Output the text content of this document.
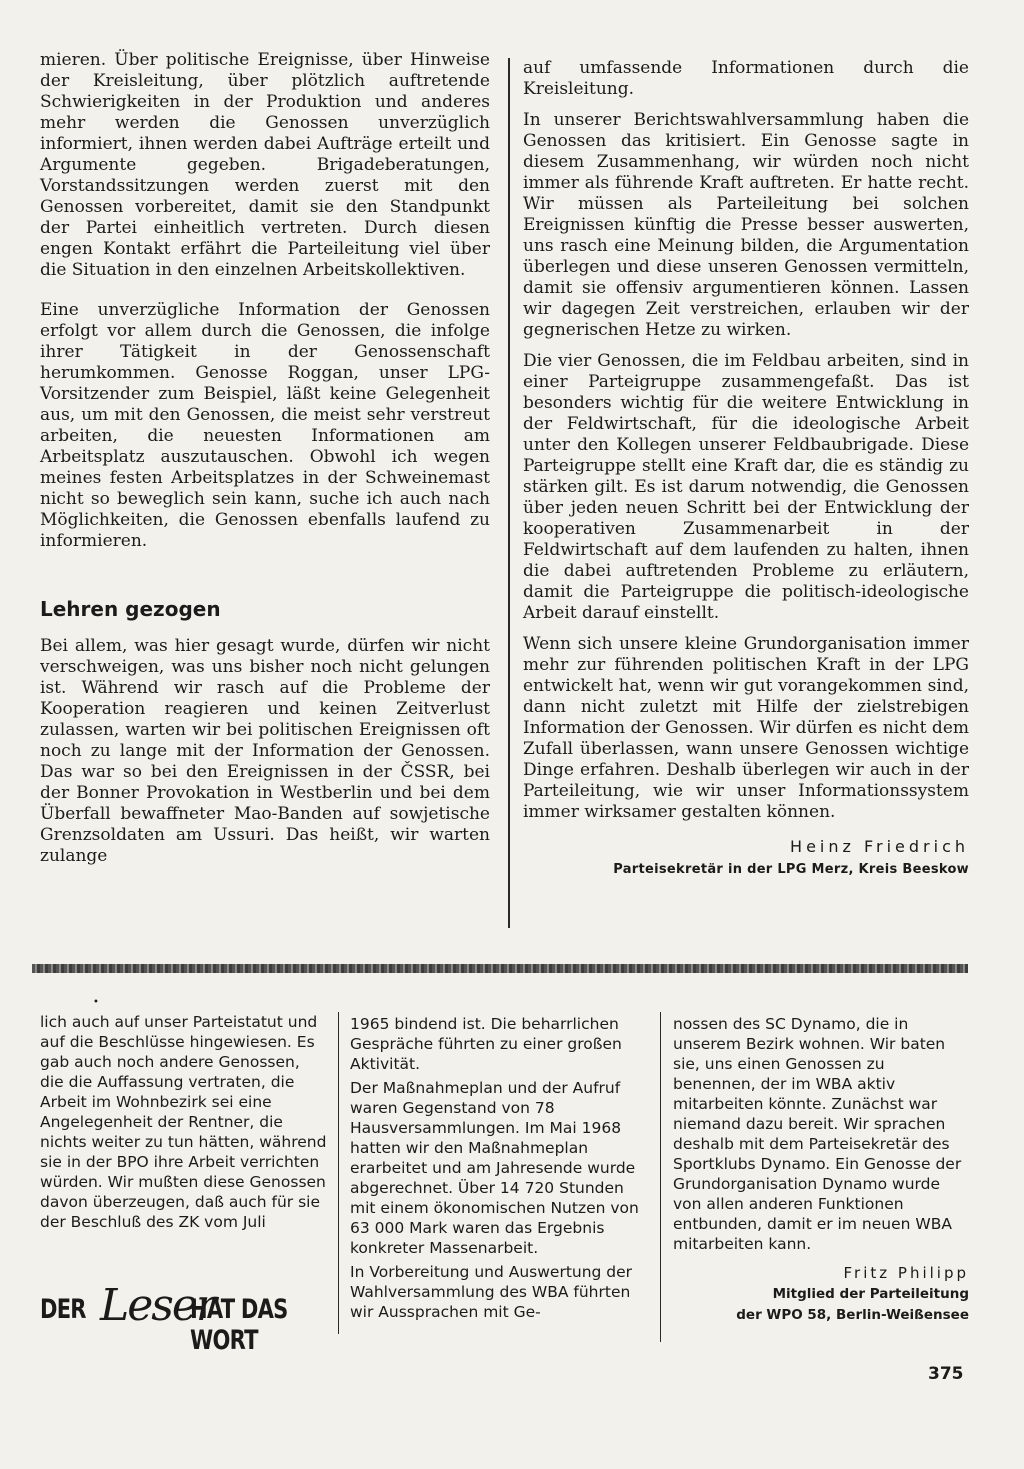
mieren. Über politische Ereignisse, über Hinweise der Kreisleitung, über plötzlich auftretende Schwierigkeiten in der Produktion und anderes mehr werden die Genossen unverzüglich informiert, ihnen werden dabei Aufträge erteilt und Argumente gegeben. Brigadeberatungen, Vorstandssitzungen werden zuerst mit den Genossen vorbereitet, damit sie den Standpunkt der Partei einheitlich vertreten. Durch diesen engen Kontakt erfährt die Parteileitung viel über die Situation in den einzelnen Arbeitskollektiven.

Eine unverzügliche Information der Genossen erfolgt vor allem durch die Genossen, die infolge ihrer Tätigkeit in der Genossenschaft herumkommen. Genosse Roggan, unser LPG-Vorsitzender zum Beispiel, läßt keine Gelegenheit aus, um mit den Genossen, die meist sehr verstreut arbeiten, die neuesten Informationen am Arbeitsplatz auszutauschen. Obwohl ich wegen meines festen Arbeitsplatzes in der Schweinemast nicht so beweglich sein kann, suche ich auch nach Möglichkeiten, die Genossen ebenfalls laufend zu informieren.

Lehren gezogen

Bei allem, was hier gesagt wurde, dürfen wir nicht verschweigen, was uns bisher noch nicht gelungen ist. Während wir rasch auf die Probleme der Kooperation reagieren und keinen Zeitverlust zulassen, warten wir bei politischen Ereignissen oft noch zu lange mit der Information der Genossen. Das war so bei den Ereignissen in der ČSSR, bei der Bonner Provokation in Westberlin und bei dem Überfall bewaffneter Mao-Banden auf sowjetische Grenzsoldaten am Ussuri. Das heißt, wir warten zulange

auf umfassende Informationen durch die Kreisleitung.

In unserer Berichtswahlversammlung haben die Genossen das kritisiert. Ein Genosse sagte in diesem Zusammenhang, wir würden noch nicht immer als führende Kraft auftreten. Er hatte recht. Wir müssen als Parteileitung bei solchen Ereignissen künftig die Presse besser auswerten, uns rasch eine Meinung bilden, die Argumentation überlegen und diese unseren Genossen vermitteln, damit sie offensiv argumentieren können. Lassen wir dagegen Zeit verstreichen, erlauben wir der gegnerischen Hetze zu wirken.

Die vier Genossen, die im Feldbau arbeiten, sind in einer Parteigruppe zusammengefaßt. Das ist besonders wichtig für die weitere Entwicklung in der Feldwirtschaft, für die ideologische Arbeit unter den Kollegen unserer Feldbaubrigade. Diese Parteigruppe stellt eine Kraft dar, die es ständig zu stärken gilt. Es ist darum notwendig, die Genossen über jeden neuen Schritt bei der Entwicklung der kooperativen Zusammenarbeit in der Feldwirtschaft auf dem laufenden zu halten, ihnen die dabei auftretenden Probleme zu erläutern, damit die Parteigruppe die politisch-ideologische Arbeit darauf einstellt.

Wenn sich unsere kleine Grundorganisation immer mehr zur führenden politischen Kraft in der LPG entwickelt hat, wenn wir gut vorangekommen sind, dann nicht zuletzt mit Hilfe der zielstrebigen Information der Genossen. Wir dürfen es nicht dem Zufall überlassen, wann unsere Genossen wichtige Dinge erfahren. Deshalb überlegen wir auch in der Parteileitung, wie wir unser Informationssystem immer wirksamer gestalten können.

Heinz Friedrich
Parteisekretär in der LPG Merz, Kreis Beeskow
•

lich auch auf unser Parteistatut und auf die Beschlüsse hingewiesen. Es gab auch noch andere Genossen, die die Auffassung vertraten, die Arbeit im Wohnbezirk sei eine Angelegenheit der Rentner, die nichts weiter zu tun hätten, während sie in der BPO ihre Arbeit verrichten würden. Wir mußten diese Genossen davon überzeugen, daß auch für sie der Beschluß des ZK vom Juli

1965 bindend ist. Die beharrlichen Gespräche führten zu einer großen Aktivität.

Der Maßnahmeplan und der Aufruf waren Gegenstand von 78 Hausversammlungen. Im Mai 1968 hatten wir den Maßnahmeplan erarbeitet und am Jahresende wurde abgerechnet. Über 14 720 Stunden mit einem ökonomischen Nutzen von 63 000 Mark waren das Ergebnis konkreter Massenarbeit.

In Vorbereitung und Auswertung der Wahlversammlung des WBA führten wir Aussprachen mit Ge-

nossen des SC Dynamo, die in unserem Bezirk wohnen. Wir baten sie, uns einen Genossen zu benennen, der im WBA aktiv mitarbeiten könnte. Zunächst war niemand dazu bereit. Wir sprachen deshalb mit dem Parteisekretär des Sportklubs Dynamo. Ein Genosse der Grundorganisation Dynamo wurde von allen anderen Funktionen entbunden, damit er im neuen WBA mitarbeiten kann.

Fritz Philipp
Mitglied der Parteileitung
der WPO 58, Berlin-Weißensee
DER Leser
HAT DAS WORT
375
